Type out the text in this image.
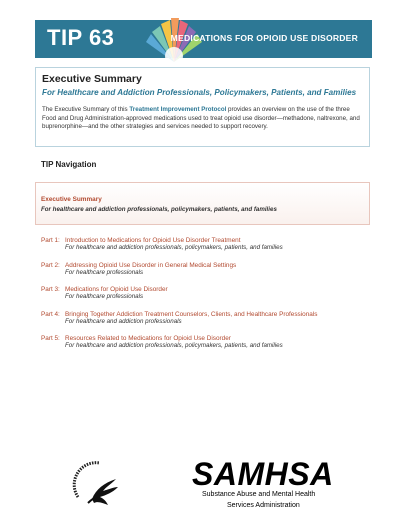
TIP 63	MEDICATIONS FOR OPIOID USE DISORDER
Executive Summary
For Healthcare and Addiction Professionals, Policymakers, Patients, and Families
The Executive Summary of this Treatment Improvement Protocol provides an overview on the use of the three Food and Drug Administration-approved medications used to treat opioid use disorder—methadone, naltrexone, and buprenorphine—and the other strategies and services needed to support recovery.
TIP Navigation
Executive Summary
For healthcare and addiction professionals, policymakers, patients, and families
Part 1: Introduction to Medications for Opioid Use Disorder Treatment
For healthcare and addiction professionals, policymakers, patients, and families
Part 2: Addressing Opioid Use Disorder in General Medical Settings
For healthcare professionals
Part 3: Medications for Opioid Use Disorder
For healthcare professionals
Part 4: Bringing Together Addiction Treatment Counselors, Clients, and Healthcare Professionals
For healthcare and addiction professionals
Part 5: Resources Related to Medications for Opioid Use Disorder
For healthcare and addiction professionals, policymakers, patients, and families
SAMHSA
Substance Abuse and Mental Health
Services Administration
